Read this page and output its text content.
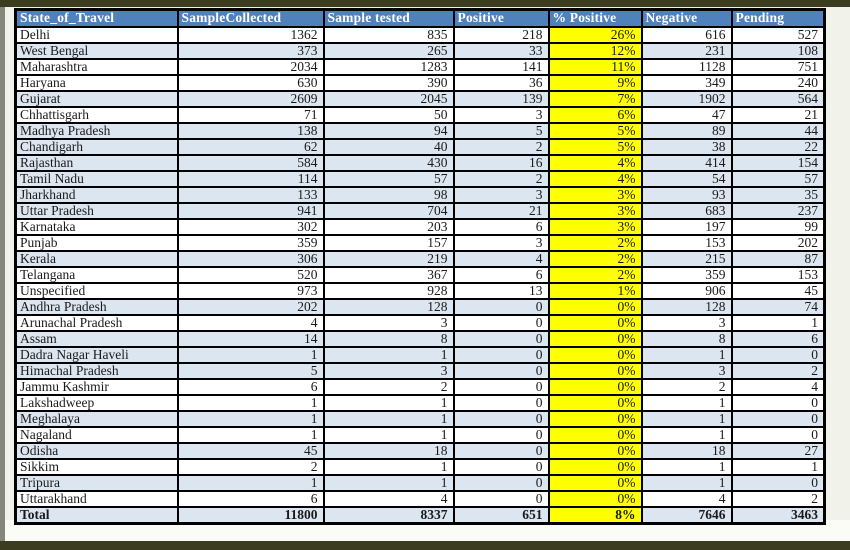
State_of_Travel	SampleCollected	Sample tested	Positive	% Positive	Negative	Pending
Delhi	1362	835	218	26%	616	527
West Bengal	373	265	33	12%	231	108
Maharashtra	2034	1283	141	11%	1128	751
Haryana	630	390	36	9%	349	240
Gujarat	2609	2045	139	7%	1902	564
Chhattisgarh	71	50	3	6%	47	21
Madhya Pradesh	138	94	5	5%	89	44
Chandigarh	62	40	2	5%	38	22
Rajasthan	584	430	16	4%	414	154
Tamil Nadu	114	57	2	4%	54	57
Jharkhand	133	98	3	3%	93	35
Uttar Pradesh	941	704	21	3%	683	237
Karnataka	302	203	6	3%	197	99
Punjab	359	157	3	2%	153	202
Kerala	306	219	4	2%	215	87
Telangana	520	367	6	2%	359	153
Unspecified	973	928	13	1%	906	45
Andhra Pradesh	202	128	0	0%	128	74
Arunachal Pradesh	4	3	0	0%	3	1
Assam	14	8	0	0%	8	6
Dadra Nagar Haveli	1	1	0	0%	1	0
Himachal Pradesh	5	3	0	0%	3	2
Jammu Kashmir	6	2	0	0%	2	4
Lakshadweep	1	1	0	0%	1	0
Meghalaya	1	1	0	0%	1	0
Nagaland	1	1	0	0%	1	0
Odisha	45	18	0	0%	18	27
Sikkim	2	1	0	0%	1	1
Tripura	1	1	0	0%	1	0
Uttarakhand	6	4	0	0%	4	2
Total	11800	8337	651	8%	7646	3463
